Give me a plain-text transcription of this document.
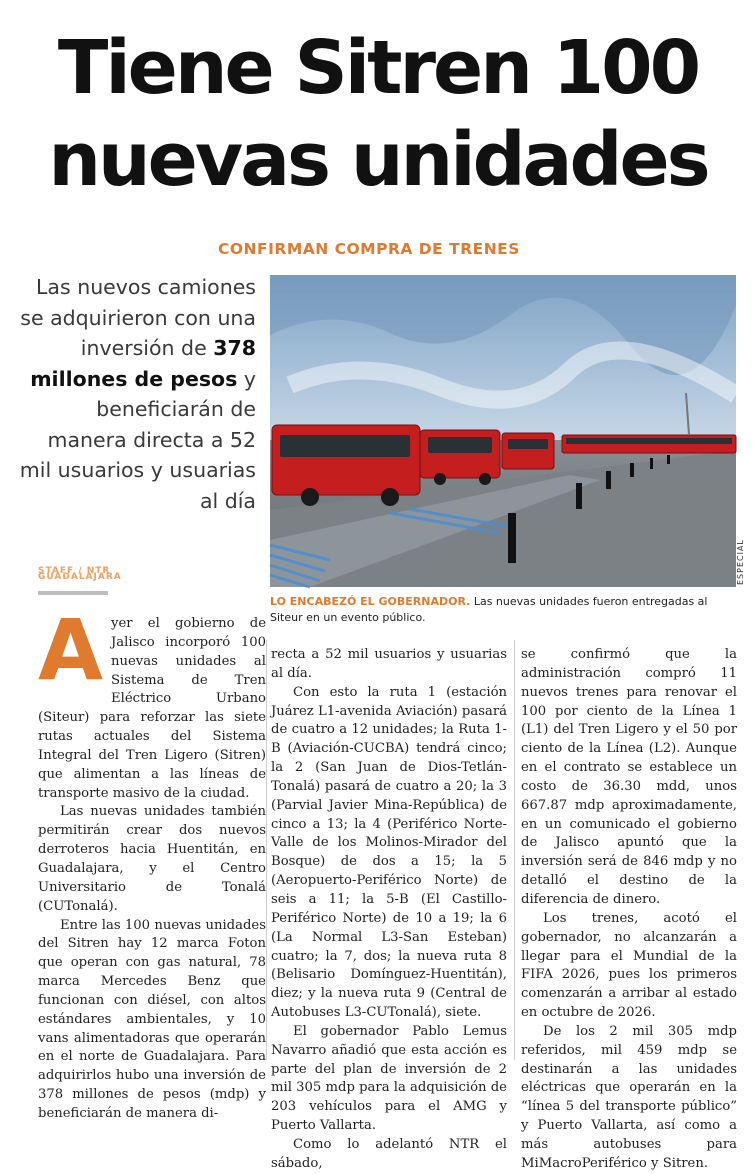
Tiene Sitren 100
nuevas unidades
CONFIRMAN COMPRA DE TRENES
Las nuevos camiones se adquirieron con una inversión de 378 millones de pesos y beneficiarán de manera directa a 52 mil usuarios y usuarias al día
STAFF / NTR GUADALAJARA	ESPECIAL
LO ENCABEZÓ EL GOBERNADOR. Las nuevas unidades fueron entregadas al Siteur en un evento público.

Ayer el gobierno de Jalisco incorporó 100 nuevas unidades al Sistema de Tren Eléctrico Urbano (Siteur) para reforzar las siete rutas actuales del Sistema Integral del Tren Ligero (Sitren) que alimentan a las líneas de transporte masivo de la ciudad.

Las nuevas unidades también permitirán crear dos nuevos derroteros hacia Huentitán, en Guadalajara, y el Centro Universitario de Tonalá (CUTonalá).

Entre las 100 nuevas unidades del Sitren hay 12 marca Foton que operan con gas natural, 78 marca Mercedes Benz que funcionan con diésel, con altos estándares ambientales, y 10 vans alimentadoras que operarán en el norte de Guadalajara. Para adquirirlos hubo una inversión de 378 millones de pesos (mdp) y beneficiarán de manera di-

recta a 52 mil usuarios y usuarias al día.

Con esto la ruta 1 (estación Juárez L1-avenida Aviación) pasará de cuatro a 12 unidades; la Ruta 1-B (Aviación-CUCBA) tendrá cinco; la 2 (San Juan de Dios-Tetlán-Tonalá) pasará de cuatro a 20; la 3 (Parvial Javier Mina-República) de cinco a 13; la 4 (Periférico Norte-Valle de los Molinos-Mirador del Bosque) de dos a 15; la 5 (Aeropuerto-Periférico Norte) de seis a 11; la 5-B (El Castillo-Periférico Norte) de 10 a 19; la 6 (La Normal L3-San Esteban) cuatro; la 7, dos; la nueva ruta 8 (Belisario Domínguez-Huentitán), diez; y la nueva ruta 9 (Central de Autobuses L3-CUTonalá), siete.

El gobernador Pablo Lemus Navarro añadió que esta acción es parte del plan de inversión de 2 mil 305 mdp para la adquisición de 203 vehículos para el AMG y Puerto Vallarta.

Como lo adelantó NTR el sábado,

se confirmó que la administración compró 11 nuevos trenes para renovar el 100 por ciento de la Línea 1 (L1) del Tren Ligero y el 50 por ciento de la Línea (L2). Aunque en el contrato se establece un costo de 36.30 mdd, unos 667.87 mdp aproximadamente, en un comunicado el gobierno de Jalisco apuntó que la inversión será de 846 mdp y no detalló el destino de la diferencia de dinero.

Los trenes, acotó el gobernador, no alcanzarán a llegar para el Mundial de la FIFA 2026, pues los primeros comenzarán a arribar al estado en octubre de 2026.

De los 2 mil 305 mdp referidos, mil 459 mdp se destinarán a las unidades eléctricas que operarán en la “línea 5 del transporte público” y Puerto Vallarta, así como a más autobuses para MiMacroPeriférico y Sitren.
